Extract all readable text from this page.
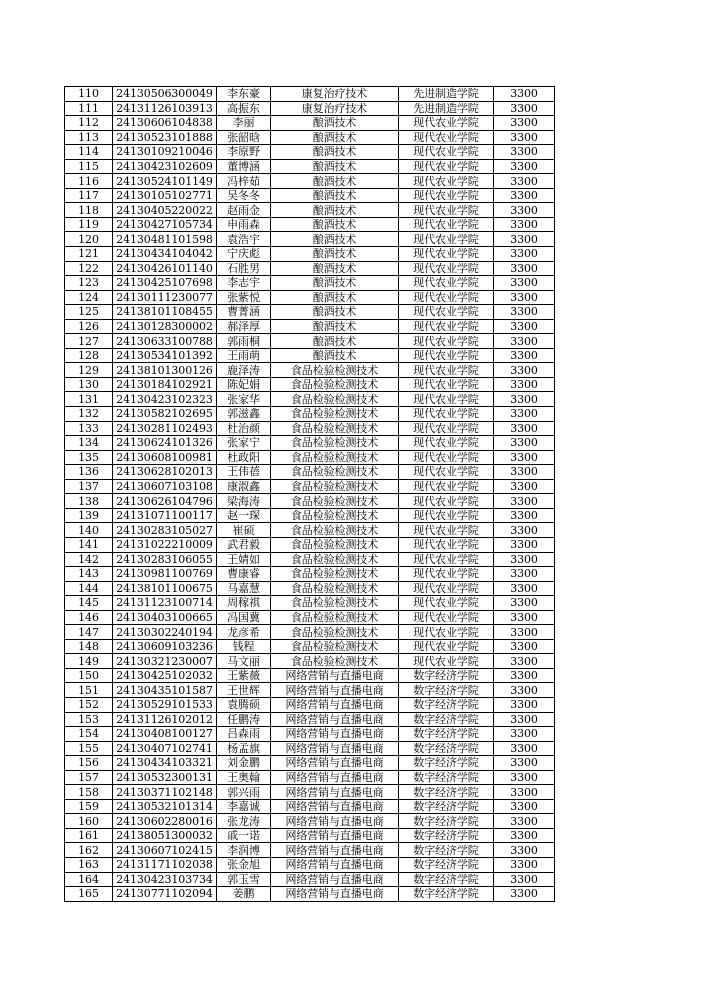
110	24130506300049	李东豪	康复治疗技术	先进制造学院	3300
111	24131126103913	高振东	康复治疗技术	先进制造学院	3300
112	24130606104838	李丽	酿酒技术	现代农业学院	3300
113	24130523101888	张韶晗	酿酒技术	现代农业学院	3300
114	24130109210046	李原野	酿酒技术	现代农业学院	3300
115	24130423102609	董博涵	酿酒技术	现代农业学院	3300
116	24130524101149	冯梓茹	酿酒技术	现代农业学院	3300
117	24130105102771	吴冬冬	酿酒技术	现代农业学院	3300
118	24130405220022	赵雨金	酿酒技术	现代农业学院	3300
119	24130427105734	申雨森	酿酒技术	现代农业学院	3300
120	24130481101598	袁浩宇	酿酒技术	现代农业学院	3300
121	24130434104042	宁庆彪	酿酒技术	现代农业学院	3300
122	24130426101140	石胜男	酿酒技术	现代农业学院	3300
123	24130425107698	李志宇	酿酒技术	现代农业学院	3300
124	24130111230077	张紫悦	酿酒技术	现代农业学院	3300
125	24138101108455	曹菁涵	酿酒技术	现代农业学院	3300
126	24130128300002	郝泽厚	酿酒技术	现代农业学院	3300
127	24130633100788	郭雨桐	酿酒技术	现代农业学院	3300
128	24130534101392	王雨萌	酿酒技术	现代农业学院	3300
129	24138101300126	鹿泽涛	食品检验检测技术	现代农业学院	3300
130	24130184102921	陈妃娟	食品检验检测技术	现代农业学院	3300
131	24130423102323	张家华	食品检验检测技术	现代农业学院	3300
132	24130582102695	郭滋鑫	食品检验检测技术	现代农业学院	3300
133	24130281102493	杜治颜	食品检验检测技术	现代农业学院	3300
134	24130624101326	张家宁	食品检验检测技术	现代农业学院	3300
135	24130608100981	杜政阳	食品检验检测技术	现代农业学院	3300
136	24130628102013	王伟蓓	食品检验检测技术	现代农业学院	3300
137	24130607103108	康淑鑫	食品检验检测技术	现代农业学院	3300
138	24130626104796	梁海涛	食品检验检测技术	现代农业学院	3300
139	24131071100117	赵一琛	食品检验检测技术	现代农业学院	3300
140	24130283105027	崔硕	食品检验检测技术	现代农业学院	3300
141	24131022210009	武君毅	食品检验检测技术	现代农业学院	3300
142	24130283106055	王婧如	食品检验检测技术	现代农业学院	3300
143	24130981100769	曹康睿	食品检验检测技术	现代农业学院	3300
144	24138101100675	马嘉慧	食品检验检测技术	现代农业学院	3300
145	24131123100714	周稼祺	食品检验检测技术	现代农业学院	3300
146	24130403100665	冯国冀	食品检验检测技术	现代农业学院	3300
147	24130302240194	龙彦希	食品检验检测技术	现代农业学院	3300
148	24130609103236	钱程	食品检验检测技术	现代农业学院	3300
149	24130321230007	马文丽	食品检验检测技术	现代农业学院	3300
150	24130425102032	王紫薇	网络营销与直播电商	数字经济学院	3300
151	24130435101587	王世辉	网络营销与直播电商	数字经济学院	3300
152	24130529101533	袁腾硕	网络营销与直播电商	数字经济学院	3300
153	24131126102012	任鹏涛	网络营销与直播电商	数字经济学院	3300
154	24130408100127	吕森雨	网络营销与直播电商	数字经济学院	3300
155	24130407102741	杨孟旗	网络营销与直播电商	数字经济学院	3300
156	24130434103321	刘金鹏	网络营销与直播电商	数字经济学院	3300
157	24130532300131	王奥翰	网络营销与直播电商	数字经济学院	3300
158	24130371102148	郭兴雨	网络营销与直播电商	数字经济学院	3300
159	24130532101314	李嘉诚	网络营销与直播电商	数字经济学院	3300
160	24130602280016	张龙涛	网络营销与直播电商	数字经济学院	3300
161	24138051300032	戚一诺	网络营销与直播电商	数字经济学院	3300
162	24130607102415	李润博	网络营销与直播电商	数字经济学院	3300
163	24131171102038	张金旭	网络营销与直播电商	数字经济学院	3300
164	24130423103734	郭玉雪	网络营销与直播电商	数字经济学院	3300
165	24130771102094	姜鹏	网络营销与直播电商	数字经济学院	3300
